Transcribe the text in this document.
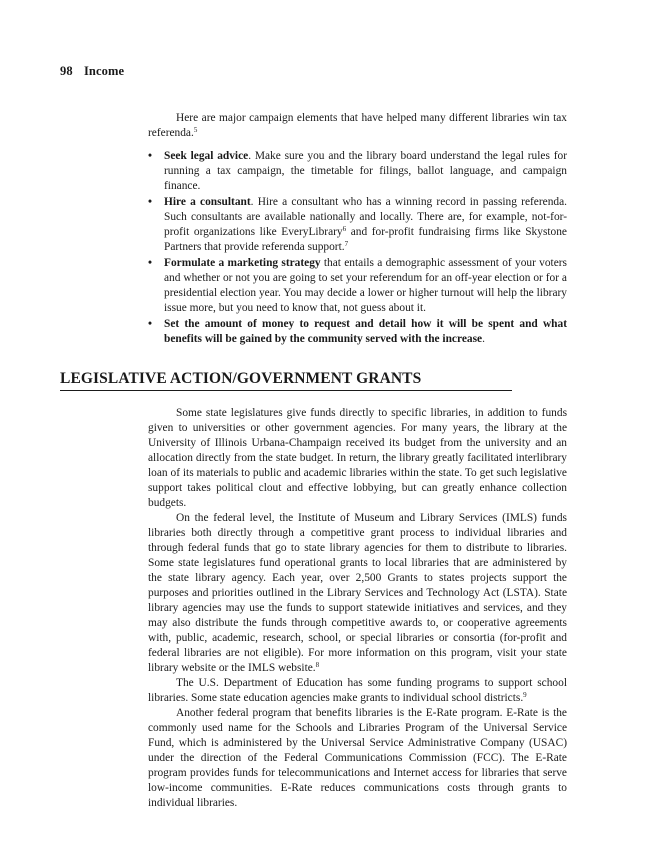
98 Income

Here are major campaign elements that have helped many different libraries win tax referenda.$^5$

• Seek legal advice. Make sure you and the library board understand the legal rules for running a tax campaign, the timetable for filings, ballot language, and campaign finance.
• Hire a consultant. Hire a consultant who has a winning record in passing referenda. Such consultants are available nationally and locally. There are, for example, not-for-profit organizations like EveryLibrary$^6$ and for-profit fundraising firms like Skystone Partners that provide referenda support.$^7$
• Formulate a marketing strategy that entails a demographic assessment of your voters and whether or not you are going to set your referendum for an off-year election or for a presidential election year. You may decide a lower or higher turnout will help the library issue more, but you need to know that, not guess about it.
• Set the amount of money to request and detail how it will be spent and what benefits will be gained by the community served with the increase.
LEGISLATIVE ACTION/GOVERNMENT GRANTS

Some state legislatures give funds directly to specific libraries, in addition to funds given to universities or other government agencies. For many years, the library at the University of Illinois Urbana-Champaign received its budget from the university and an allocation directly from the state budget. In return, the library greatly facilitated interlibrary loan of its materials to public and academic libraries within the state. To get such legislative support takes political clout and effective lobbying, but can greatly enhance collection budgets.

On the federal level, the Institute of Museum and Library Services (IMLS) funds libraries both directly through a competitive grant process to individual libraries and through federal funds that go to state library agencies for them to distribute to libraries. Some state legislatures fund operational grants to local libraries that are administered by the state library agency. Each year, over 2,500 Grants to states projects support the purposes and priorities outlined in the Library Services and Technology Act (LSTA). State library agencies may use the funds to support statewide initiatives and services, and they may also distribute the funds through competitive awards to, or cooperative agreements with, public, academic, research, school, or special libraries or consortia (for-profit and federal libraries are not eligible). For more information on this program, visit your state library website or the IMLS website.$^8$

The U.S. Department of Education has some funding programs to support school libraries. Some state education agencies make grants to individual school districts.$^9$

Another federal program that benefits libraries is the E-Rate program. E-Rate is the commonly used name for the Schools and Libraries Program of the Universal Service Fund, which is administered by the Universal Service Administrative Company (USAC) under the direction of the Federal Communications Commission (FCC). The E-Rate program provides funds for telecommunications and Internet access for libraries that serve low-income communities. E-Rate reduces communications costs through grants to individual libraries.
